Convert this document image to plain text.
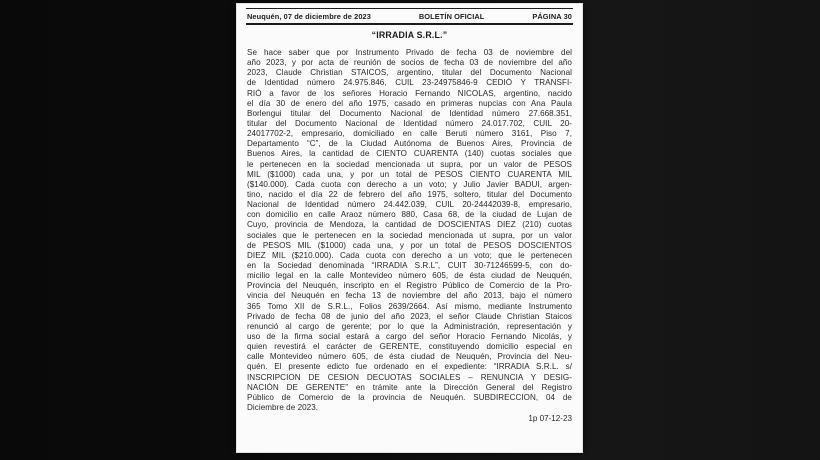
Neuquén, 07 de diciembre de 2023	BOLETÍN OFICIAL	PÁGINA 30
“IRRADIA S.R.L.”
Se hace saber que por Instrumento Privado de fecha 03 de noviembre del
año 2023, y por acta de reunión de socios de fecha 03 de noviembre del año
2023, Claude Christian STAICOS, argentino, titular del Documento Nacional
de Identidad número 24.975.846, CUIL 23-24975846-9 CEDIÓ Y TRANSFI-
RIÓ a favor de los señores Horacio Fernando NICOLAS, argentino, nacido
el día 30 de enero del año 1975, casado en primeras nupcias con Ana Paula
Borlengui titular del Documento Nacional de Identidad número 27.668.351,
titular del Documento Nacional de Identidad número 24.017.702, CUIL 20-
24017702-2, empresario, domiciliado en calle Beruti número 3161, Piso 7,
Departamento “C”, de la Ciudad Autónoma de Buenos Aires, Provincia de
Buenos Aires, la cantidad de CIENTO CUARENTA (140) cuotas sociales que
le pertenecen en la sociedad mencionada ut supra, por un valor de PESOS
MIL ($1000) cada una, y por un total de PESOS CIENTO CUARENTA MIL
($140.000). Cada cuota con derecho a un voto; y Julio Javier BADUI, argen-
tino, nacido el día 22 de febrero del año 1975, soltero, titular del Documento
Nacional de Identidad número 24.442.039, CUIL 20-24442039-8, empresario,
con domicilio en calle Araoz número 880, Casa 68, de la ciudad de Lujan de
Cuyo, provincia de Mendoza, la cantidad de DOSCIENTAS DIEZ (210) cuotas
sociales que le pertenecen en la sociedad mencionada ut supra, por un valor
de PESOS MIL ($1000) cada una, y por un total de PESOS DOSCIENTOS
DIEZ MIL ($210.000). Cada cuota con derecho a un voto; que le pertenecen
en la Sociedad denominada “IRRADIA S.R.L”, CUIT 30-71246599-5, con do-
micilio legal en la calle Montevideo número 605, de ésta ciudad de Neuquén,
Provincia del Neuquén, inscripto en el Registro Público de Comercio de la Pro-
vincia del Neuquén en fecha 13 de noviembre del año 2013, bajo el número
365 Tomo XII de S.R.L., Folios 2639/2664. Así mismo, mediante Instrumento
Privado de fecha 08 de junio del año 2023, el señor Claude Christian Staicos
renunció al cargo de gerente; por lo que la Administración, representación y
uso de la firma social estará a cargo del señor Horacio Fernando Nicolás, y
quien revestirá el carácter de GERENTE, constituyendo domicilio especial en
calle Montevideo número 605, de ésta ciudad de Neuquén, Provincia del Neu-
quén. El presente edicto fue ordenado en el expediente: “IRRADIA S.R.L. s/
INSCRIPCION DE CESION DECUOTAS SOCIALES – RENUNCIA Y DESIG-
NACIÓN DE GERENTE” en trámite ante la Dirección General del Registro
Público de Comercio de la provincia de Neuquén. SUBDIRECCION, 04 de
Diciembre de 2023.
1p 07-12-23
